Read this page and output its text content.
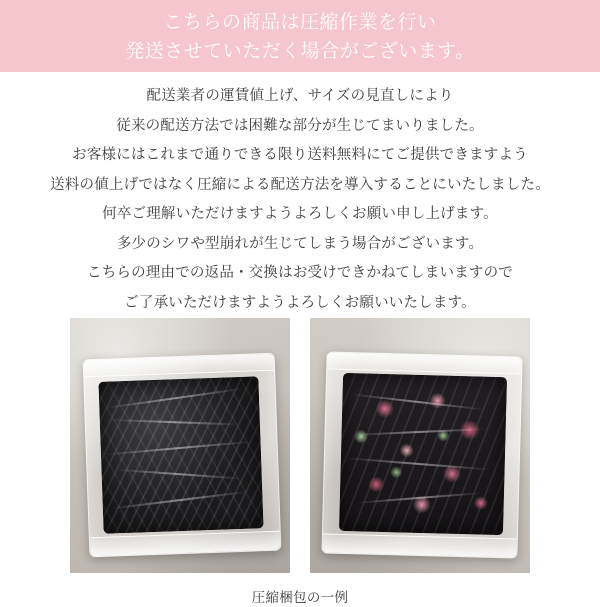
こちらの商品は圧縮作業を行い
発送させていただく場合がございます。
配送業者の運賃値上げ、サイズの見直しにより
従来の配送方法では困難な部分が生じてまいりました。
お客様にはこれまで通りできる限り送料無料にてご提供できますよう
送料の値上げではなく圧縮による配送方法を導入することにいたしました。
何卒ご理解いただけますようよろしくお願い申し上げます。
多少のシワや型崩れが生じてしまう場合がございます。
こちらの理由での返品・交換はお受けできかねてしまいますので
ご了承いただけますようよろしくお願いいたします。
圧縮梱包の一例
